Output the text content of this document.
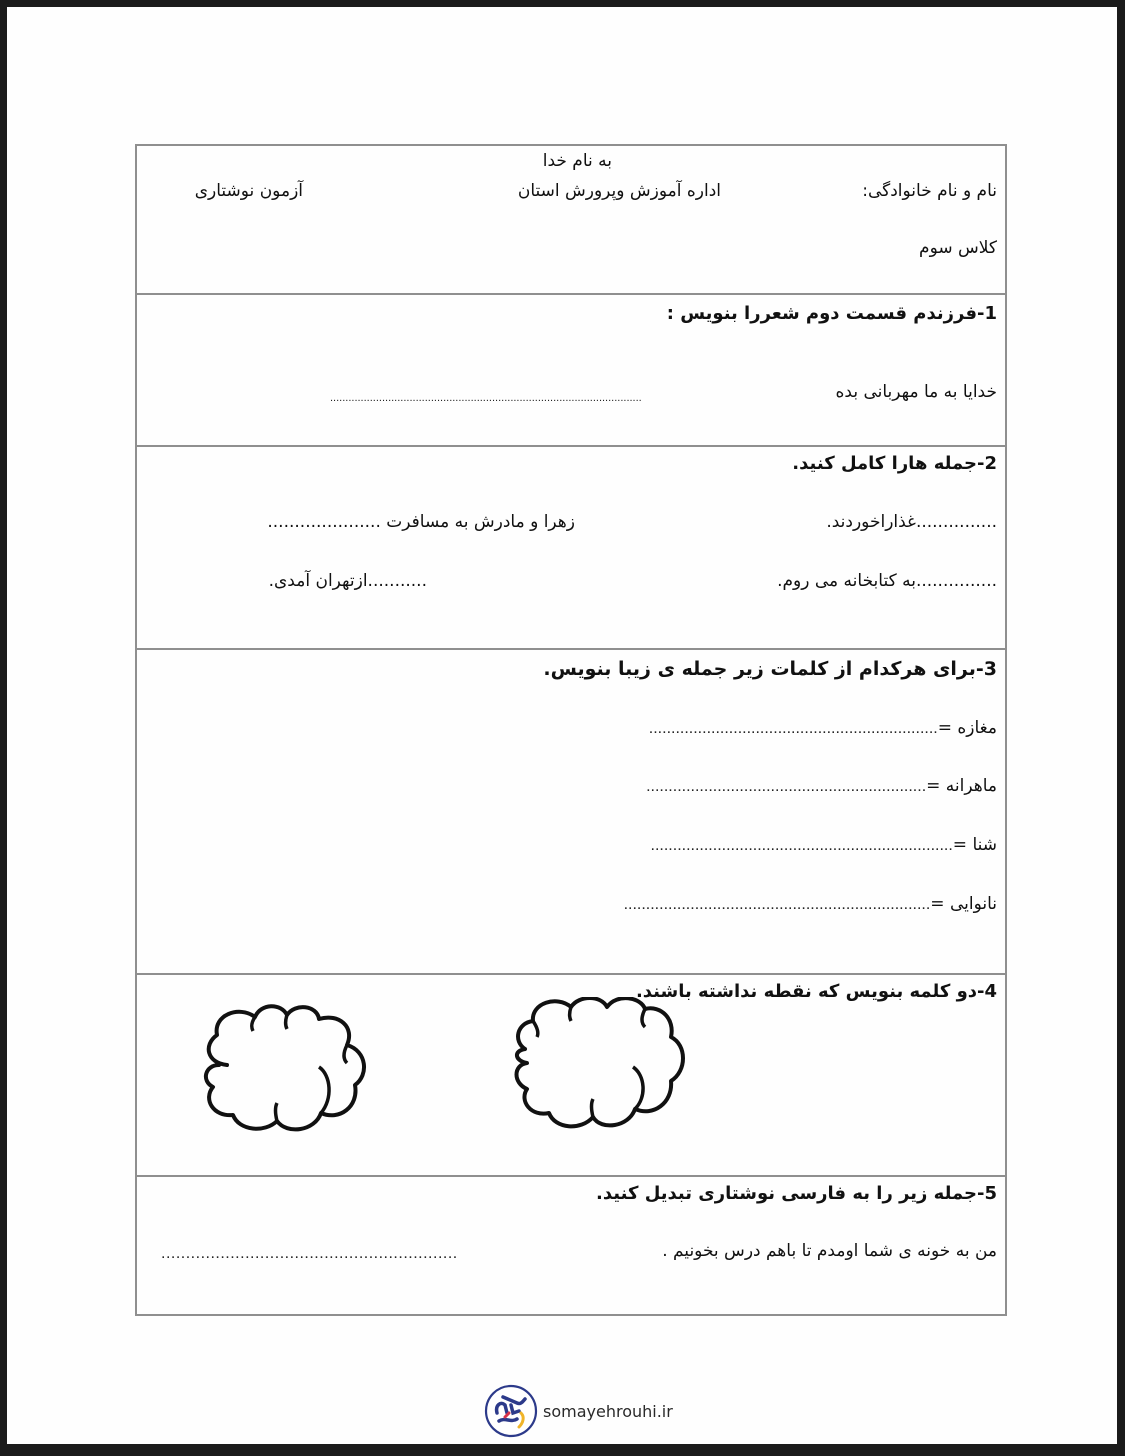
به نام خدا
نام و نام خانوادگی:
اداره آموزش وپرورش استان
آزمون نوشتاری
کلاس سوم
1-فرزندم قسمت دوم شعررا بنویس :
خدایا به ما مهربانی بده
......................................................................................................
2-جمله هارا کامل کنید.
...............غذاراخوردند.
زهرا و مادرش به مسافرت .....................
...............به کتابخانه می روم.
...........ازتهران آمدی.
3-برای هرکدام از کلمات زیر جمله ی زیبا بنویس.
مغازه =.................................................................
ماهرانه =...............................................................
شنا =....................................................................
نانوایی =.....................................................................
4-دو کلمه بنویس که نقطه نداشته باشند.
5-جمله زیر را به فارسی نوشتاری تبدیل کنید.
من به خونه ی شما اومدم تا باهم درس بخونیم .
............................................................
somayehrouhi.ir
